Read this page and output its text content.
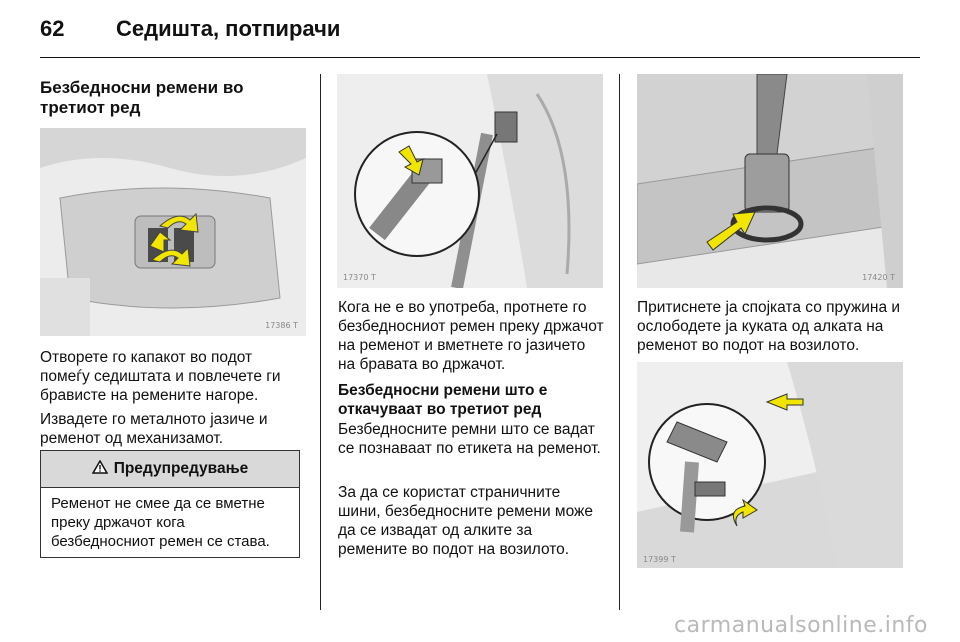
62 Седишта, потпирачи
Безбедносни ремени во третиот ред
17386 T
Отворете го капакот во подот помеѓу седиштата и повлечете ги брависте на ремените нагоре.
Извадете го металното јазиче и ременот од механизамот.
Предупредување
Ременот не смее да се вметне преку држачот кога безбедносниот ремен се става.
17370 T
Кога не е во употреба, протнете го безбедносниот ремен преку држачот на ременот и вметнете го јазичето на бравата во држачот.
Безбедносни ремени што е откачуваат во третиот ред
Безбедносните ремни што се вадат се познаваат по етикета на ременот.
За да се користат страничните шини, безбедносните ремени може да се извадат од алките за ремените во подот на возилото.
17420 T
Притиснете ја спојката со пружина и ослободете ја куката од алката на ременот во подот на возилото.
17399 T
carmanualsonline.info
